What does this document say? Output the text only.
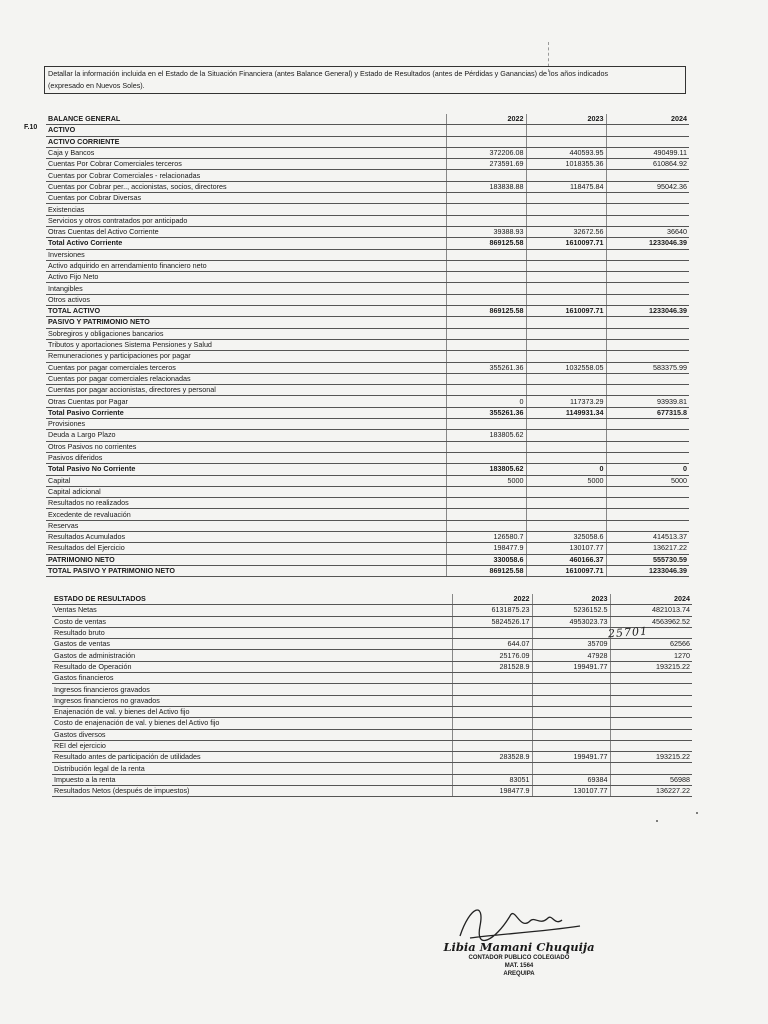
Detallar la información incluida en el Estado de la Situación Financiera (antes Balance General) y Estado de Resultados (antes de Pérdidas y Ganancias) de los años indicados
(expresado en Nuevos Soles).
F.10
BALANCE GENERAL	2022	2023	2024
ACTIVO			
ACTIVO CORRIENTE			
Caja y Bancos	372206.08	440593.95	490499.11
Cuentas Por Cobrar Comerciales terceros	273591.69	1018355.36	610864.92
Cuentas por Cobrar Comerciales - relacionadas			
Cuentas por Cobrar per.., accionistas, socios, directores	183838.88	118475.84	95042.36
Cuentas por Cobrar Diversas			
Existencias			
Servicios y otros contratados por anticipado			
Otras Cuentas del Activo Corriente	39388.93	32672.56	36640
Total Activo Corriente	869125.58	1610097.71	1233046.39
Inversiones			
Activo adquirido en arrendamiento financiero neto			
Activo Fijo Neto			
Intangibles			
Otros activos			
TOTAL ACTIVO	869125.58	1610097.71	1233046.39
PASIVO Y PATRIMONIO NETO			
Sobregiros y obligaciones bancarios			
Tributos y aportaciones Sistema Pensiones y Salud			
Remuneraciones y participaciones por pagar			
Cuentas por pagar comerciales terceros	355261.36	1032558.05	583375.99
Cuentas por pagar comerciales relacionadas			
Cuentas por pagar accionistas, directores y personal			
Otras Cuentas por Pagar	0	117373.29	93939.81
Total Pasivo Corriente	355261.36	1149931.34	677315.8
Provisiones			
Deuda a Largo Plazo	183805.62		
Otros Pasivos no corrientes			
Pasivos diferidos			
Total Pasivo No Corriente	183805.62	0	0
Capital	5000	5000	5000
Capital adicional			
Resultados no realizados			
Excedente de revaluación			
Reservas			
Resultados Acumulados	126580.7	325058.6	414513.37
Resultados del Ejercicio	198477.9	130107.77	136217.22
PATRIMONIO NETO	330058.6	460166.37	555730.59
TOTAL PASIVO Y PATRIMONIO NETO	869125.58	1610097.71	1233046.39
ESTADO DE RESULTADOS	2022	2023	2024
Ventas Netas	6131875.23	5236152.5	4821013.74
Costo de ventas	5824526.17	4953023.73	4563962.52
Resultado bruto			
Gastos de ventas	644.07	35709	62566
Gastos de administración	25176.09	47928	1270
Resultado de Operación	281528.9	199491.77	193215.22
Gastos financieros			
Ingresos financieros gravados			
Ingresos financieros no gravados			
Enajenación de val. y bienes del Activo fijo			
Costo de enajenación de val. y bienes del Activo fijo			
Gastos diversos			
REI del ejercicio			
Resultado antes de participación de utilidades	283528.9	199491.77	193215.22
Distribución legal de la renta			
Impuesto a la renta	83051	69384	56988
Resultados Netos (después de impuestos)	198477.9	130107.77	136227.22
25701
Libia Mamani Chuquija
CONTADOR PUBLICO COLEGIADO
MAT. 1564
AREQUIPA
